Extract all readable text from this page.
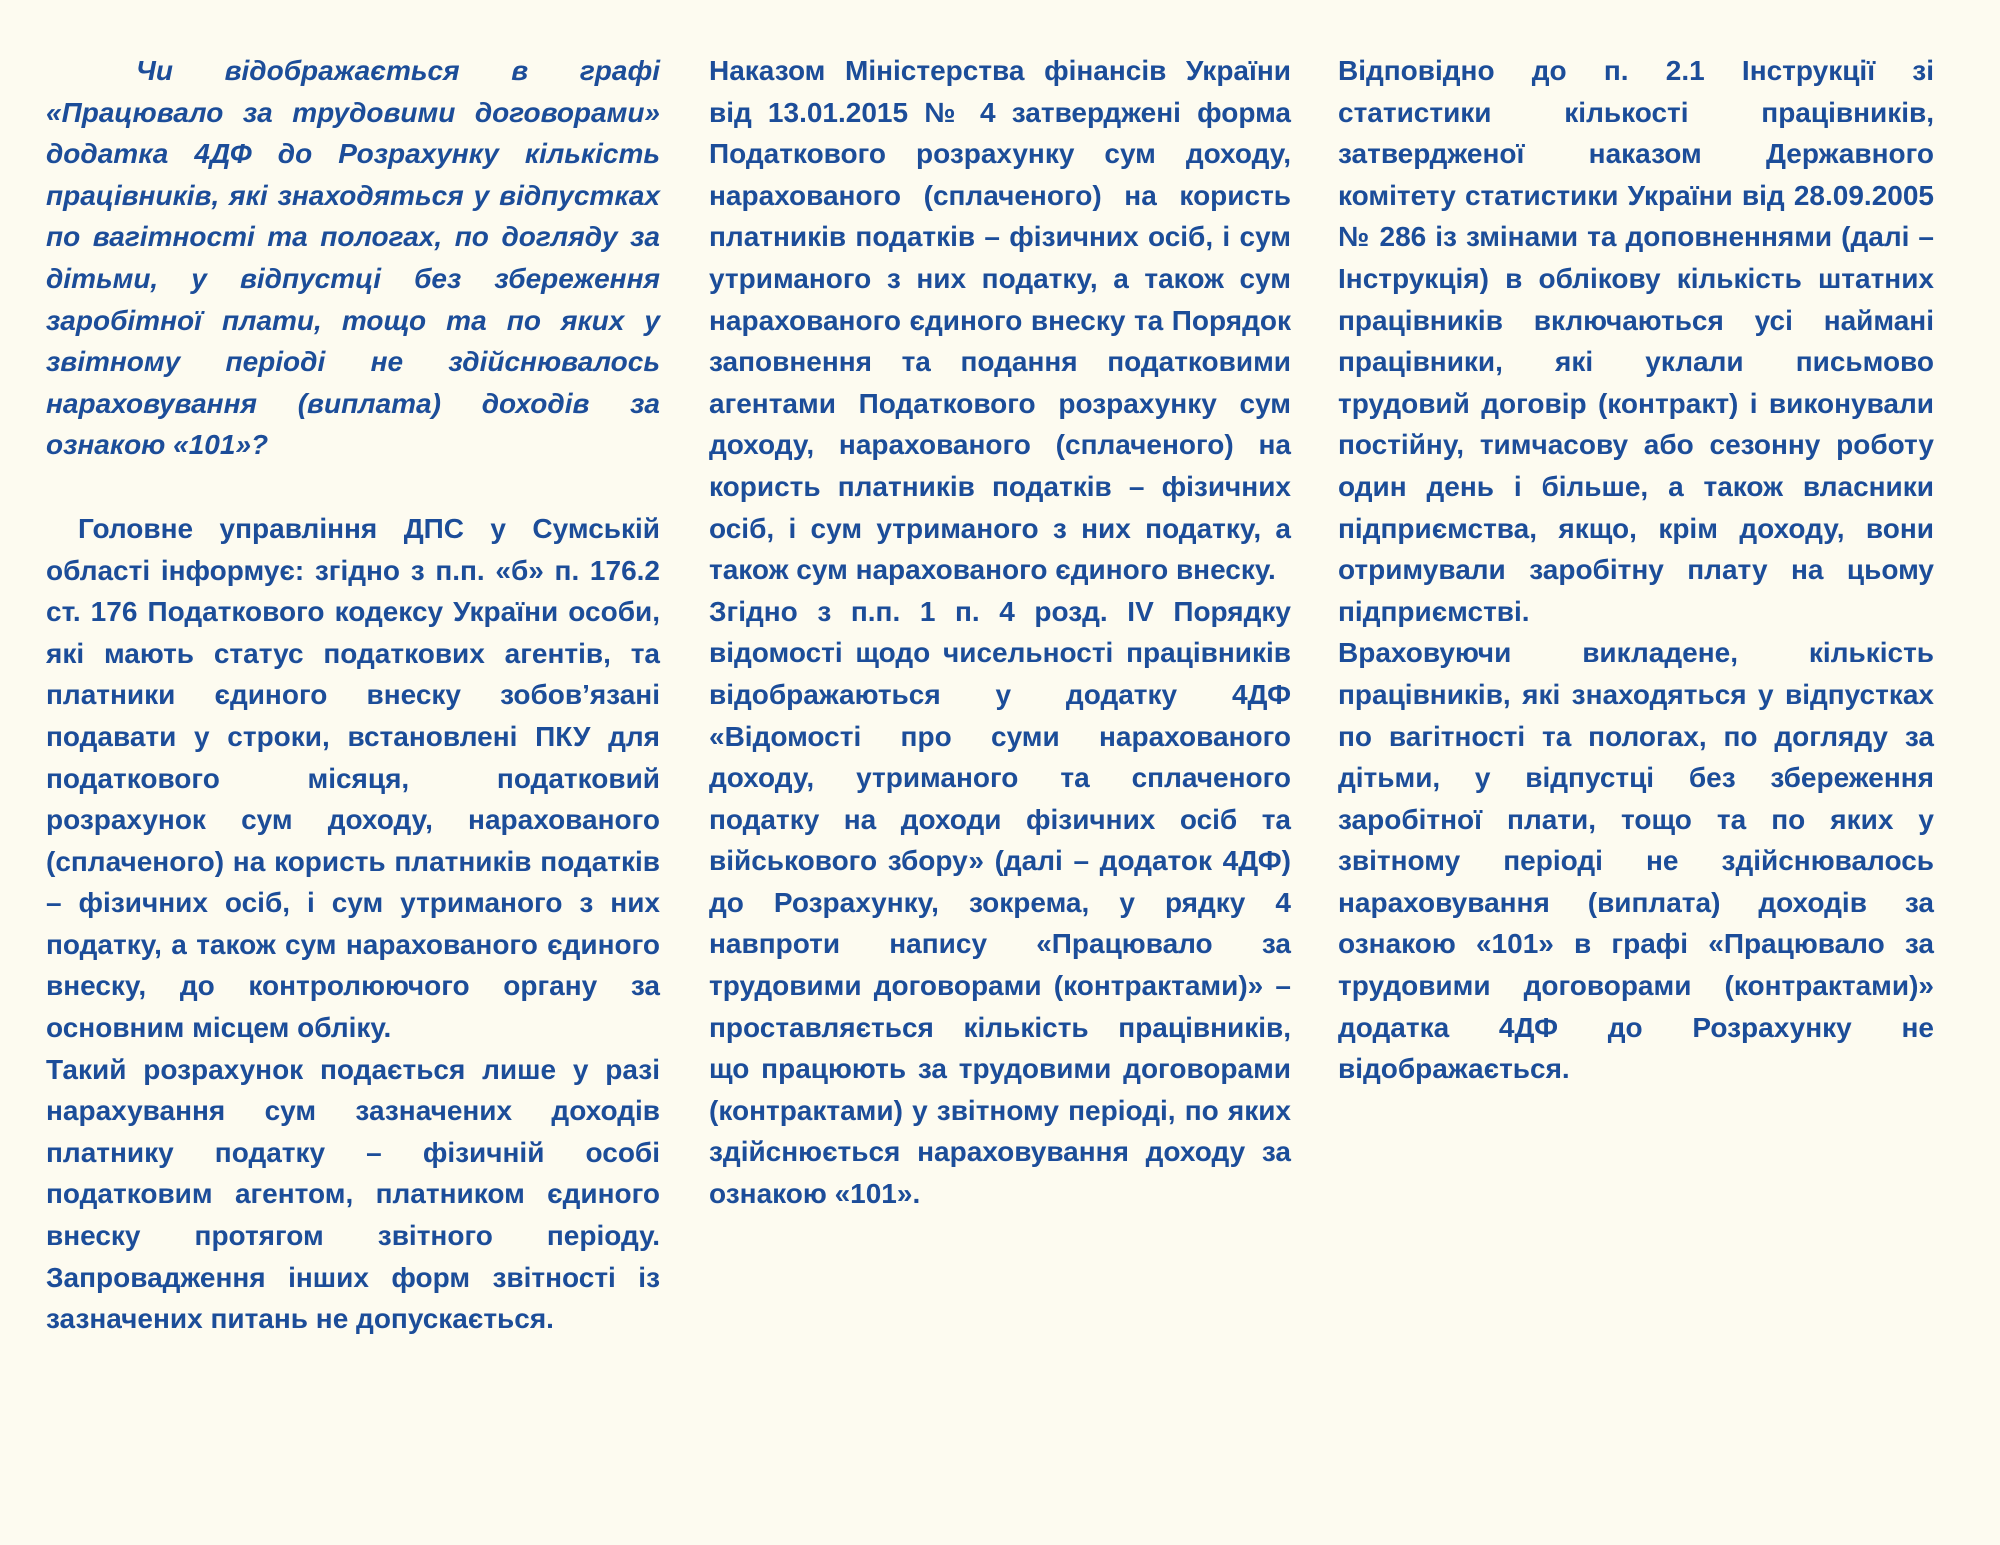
Чи відображається в графі «Працювало за трудовими договорами» додатка 4ДФ до Розрахунку кількість працівників, які знаходяться у відпустках по вагітності та пологах, по догляду за дітьми, у відпустці без збереження заробітної плати, тощо та по яких у звітному періоді не здійснювалось нараховування (виплата) доходів за ознакою «101»?

Головне управління ДПС у Сумській області інформує: згідно з п.п. «б» п. 176.2 ст. 176 Податкового кодексу України особи, які мають статус податкових агентів, та платники єдиного внеску зобов’язані подавати у строки, встановлені ПКУ для податкового місяця, податковий розрахунок сум доходу, нарахованого (сплаченого) на користь платників податків – фізичних осіб, і сум утриманого з них податку, а також сум нарахованого єдиного внеску, до контролюючого органу за основним місцем обліку.

Такий розрахунок подається лише у разі нарахування сум зазначених доходів платнику податку – фізичній особі податковим агентом, платником єдиного внеску протягом звітного періоду. Запровадження інших форм звітності із зазначених питань не допускається.

Наказом Міністерства фінансів України від 13.01.2015 № 4 затверджені форма Податкового розрахунку сум доходу, нарахованого (сплаченого) на користь платників податків – фізичних осіб, і сум утриманого з них податку, а також сум нарахованого єдиного внеску та Порядок заповнення та подання податковими агентами Податкового розрахунку сум доходу, нарахованого (сплаченого) на користь платників податків – фізичних осіб, і сум утриманого з них податку, а також сум нарахованого єдиного внеску.

Згідно з п.п. 1 п. 4 розд. IV Порядку відомості щодо чисельності працівників відображаються у додатку 4ДФ «Відомості про суми нарахованого доходу, утриманого та сплаченого податку на доходи фізичних осіб та військового збору» (далі – додаток 4ДФ) до Розрахунку, зокрема, у рядку 4 навпроти напису «Працювало за трудовими договорами (контрактами)» – проставляється кількість працівників, що працюють за трудовими договорами (контрактами) у звітному періоді, по яких здійснюється нараховування доходу за ознакою «101».

Відповідно до п. 2.1 Інструкції зі статистики кількості працівників, затвердженої наказом Державного комітету статистики України від 28.09.2005 № 286 із змінами та доповненнями (далі – Інструкція) в облікову кількість штатних працівників включаються усі наймані працівники, які уклали письмово трудовий договір (контракт) і виконували постійну, тимчасову або сезонну роботу один день і більше, а також власники підприємства, якщо, крім доходу, вони отримували заробітну плату на цьому підприємстві.

Враховуючи викладене, кількість працівників, які знаходяться у відпустках по вагітності та пологах, по догляду за дітьми, у відпустці без збереження заробітної плати, тощо та по яких у звітному періоді не здійснювалось нараховування (виплата) доходів за ознакою «101» в графі «Працювало за трудовими договорами (контрактами)» додатка 4ДФ до Розрахунку не відображається.
